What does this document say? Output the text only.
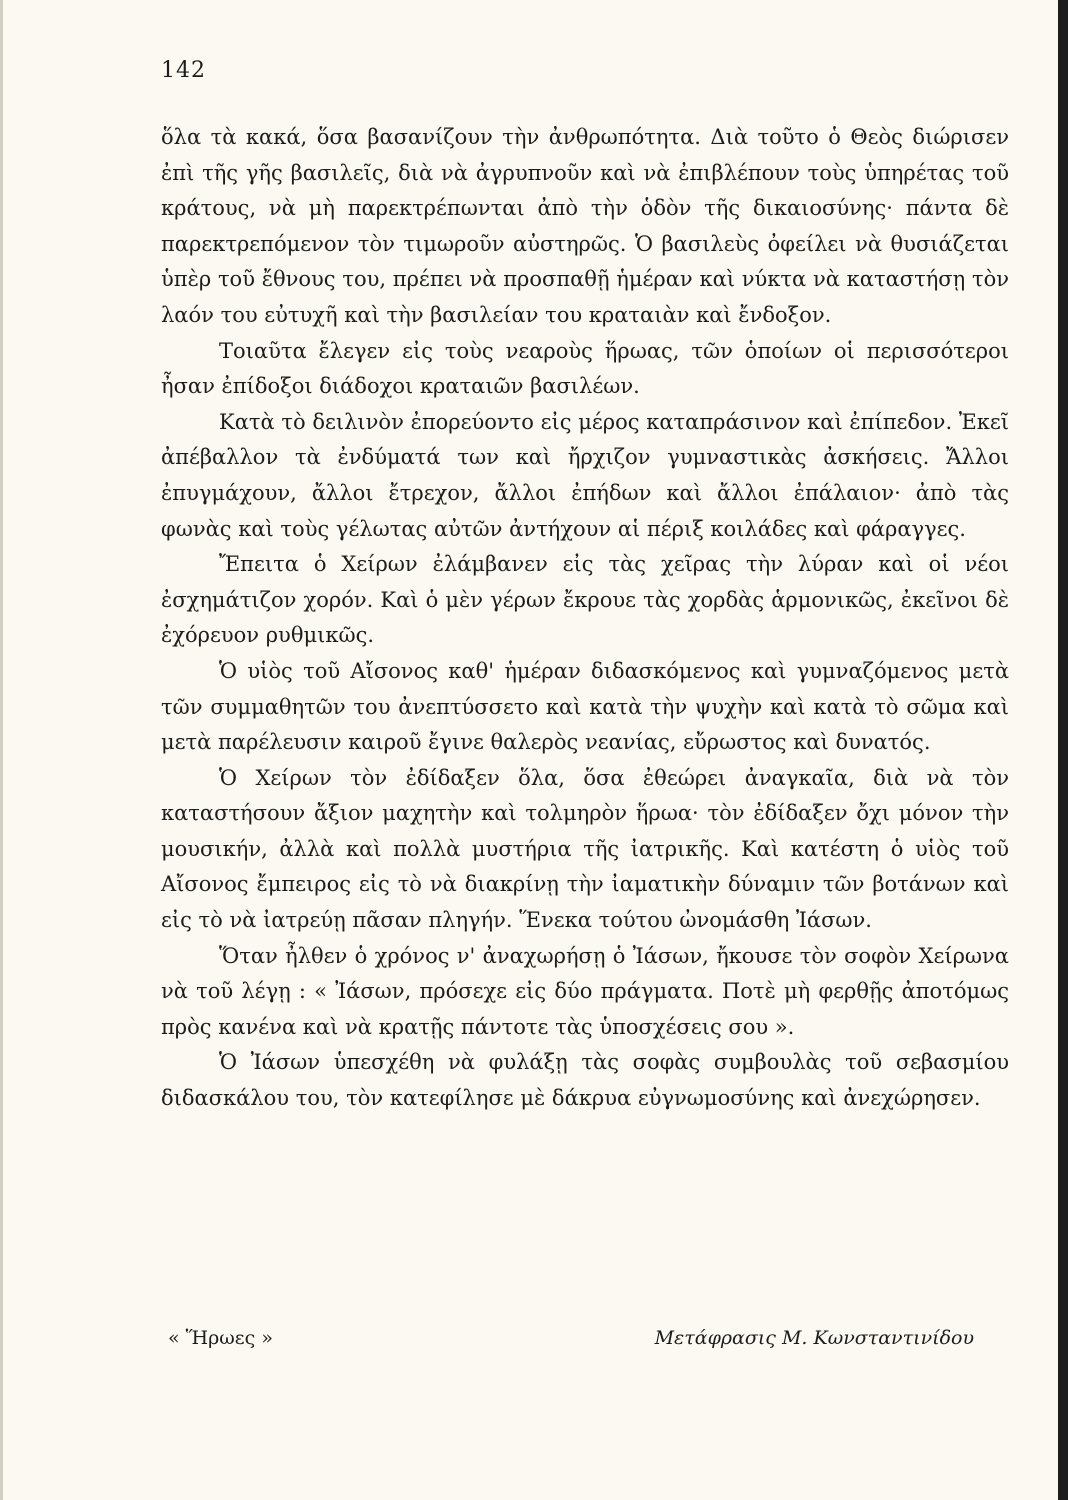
142

ὅλα τὰ κακά, ὅσα βασανίζουν τὴν ἀνθρωπότητα. Διὰ τοῦτο ὁ Θεὸς διώρισεν ἐπὶ τῆς γῆς βασιλεῖς, διὰ νὰ ἀγρυπνοῦν καὶ νὰ ἐπιβλέπουν τοὺς ὑπηρέτας τοῦ κράτους, νὰ μὴ παρεκτρέπωνται ἀπὸ τὴν ὁδὸν τῆς δικαιοσύνης· πάντα δὲ παρεκτρεπόμενον τὸν τιμωροῦν αὐστηρῶς. Ὁ βασιλεὺς ὀφείλει νὰ θυσιάζεται ὑπὲρ τοῦ ἔθνους του, πρέπει νὰ προσπαθῇ ἡμέραν καὶ νύκτα νὰ καταστήσῃ τὸν λαόν του εὐτυχῆ καὶ τὴν βασιλείαν του κραταιὰν καὶ ἔνδοξον.

Τοιαῦτα ἔλεγεν εἰς τοὺς νεαροὺς ἥρωας, τῶν ὁποίων οἱ περισσότεροι ἦσαν ἐπίδοξοι διάδοχοι κραταιῶν βασιλέων.

Κατὰ τὸ δειλινὸν ἐπορεύοντο εἰς μέρος καταπράσινον καὶ ἐπίπεδον. Ἐκεῖ ἀπέβαλλον τὰ ἐνδύματά των καὶ ἤρχιζον γυμναστικὰς ἀσκήσεις. Ἄλλοι ἐπυγμάχουν, ἄλλοι ἔτρεχον, ἄλλοι ἐπήδων καὶ ἄλλοι ἐπάλαιον· ἀπὸ τὰς φωνὰς καὶ τοὺς γέλωτας αὐτῶν ἀντήχουν αἱ πέριξ κοιλάδες καὶ φάραγγες.

Ἔπειτα ὁ Χείρων ἐλάμβανεν εἰς τὰς χεῖρας τὴν λύραν καὶ οἱ νέοι ἐσχημάτιζον χορόν. Καὶ ὁ μὲν γέρων ἔκρουε τὰς χορδὰς ἁρμονικῶς, ἐκεῖνοι δὲ ἐχόρευον ρυθμικῶς.

Ὁ υἱὸς τοῦ Αἴσονος καθ' ἡμέραν διδασκόμενος καὶ γυμναζόμενος μετὰ τῶν συμμαθητῶν του ἀνεπτύσσετο καὶ κατὰ τὴν ψυχὴν καὶ κατὰ τὸ σῶμα καὶ μετὰ παρέλευσιν καιροῦ ἔγινε θαλερὸς νεανίας, εὔρωστος καὶ δυνατός.

Ὁ Χείρων τὸν ἐδίδαξεν ὅλα, ὅσα ἐθεώρει ἀναγκαῖα, διὰ νὰ τὸν καταστήσουν ἄξιον μαχητὴν καὶ τολμηρὸν ἥρωα· τὸν ἐδίδαξεν ὄχι μόνον τὴν μουσικήν, ἀλλὰ καὶ πολλὰ μυστήρια τῆς ἰατρικῆς. Καὶ κατέστη ὁ υἱὸς τοῦ Αἴσονος ἔμπειρος εἰς τὸ νὰ διακρίνῃ τὴν ἰαματικὴν δύναμιν τῶν βοτάνων καὶ εἰς τὸ νὰ ἰατρεύῃ πᾶσαν πληγήν. Ἕνεκα τούτου ὠνομάσθη Ἰάσων.

Ὅταν ἦλθεν ὁ χρόνος ν' ἀναχωρήσῃ ὁ Ἰάσων, ἤκουσε τὸν σοφὸν Χείρωνα νὰ τοῦ λέγῃ : « Ἰάσων, πρόσεχε εἰς δύο πράγματα. Ποτὲ μὴ φερθῇς ἀποτόμως πρὸς κανένα καὶ νὰ κρατῇς πάντοτε τὰς ὑποσχέσεις σου ».

Ὁ Ἰάσων ὑπεσχέθη νὰ φυλάξῃ τὰς σοφὰς συμβουλὰς τοῦ σεβασμίου διδασκάλου του, τὸν κατεφίλησε μὲ δάκρυα εὐγνωμοσύνης καὶ ἀνεχώρησεν.

« Ἥρωες »	Μετάφρασις Μ. Κωνσταντινίδου
